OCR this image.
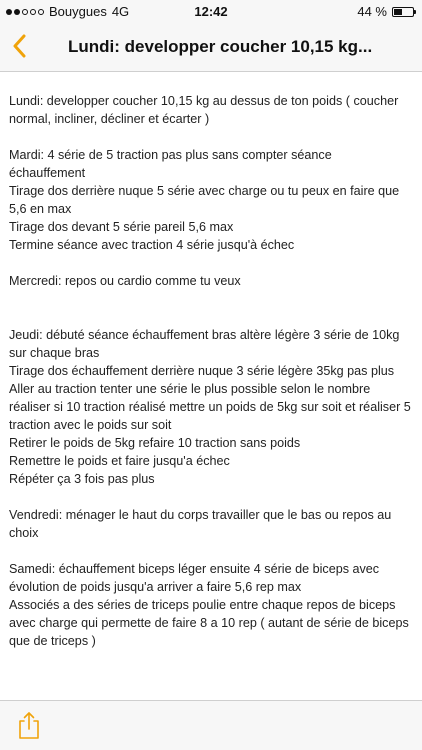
Bouygues 4G	12:42	44 %
Lundi: developper coucher 10,15 kg...
Lundi: developper coucher 10,15 kg au dessus de ton poids ( coucher
normal, incliner, décliner et écarter )
Mardi: 4 série de 5 traction pas plus sans compter séance
échauffement
Tirage dos derrière nuque 5 série avec charge ou tu peux en faire que
5,6 en max
Tirage dos devant 5 série pareil 5,6 max
Termine séance avec traction 4 série jusqu'à échec
Mercredi: repos ou cardio comme tu veux
Jeudi: débuté séance échauffement bras altère légère 3 série de 10kg
sur chaque bras
Tirage dos échauffement derrière nuque 3 série légère 35kg pas plus
Aller au traction tenter une série le plus possible selon le nombre
réaliser si 10 traction réalisé mettre un poids de 5kg sur soit et réaliser 5
traction avec le poids sur soit
Retirer le poids de 5kg refaire 10 traction sans poids
Remettre le poids et faire jusqu'a échec
Répéter ça 3 fois pas plus
Vendredi: ménager le haut du corps travailler que le bas ou repos au
choix
Samedi: échauffement biceps léger ensuite 4 série de biceps avec
évolution de poids jusqu'a arriver a faire 5,6 rep max
Associés a des séries de triceps poulie entre chaque repos de biceps
avec charge qui permette de faire 8 a 10 rep ( autant de série de biceps
que de triceps )
